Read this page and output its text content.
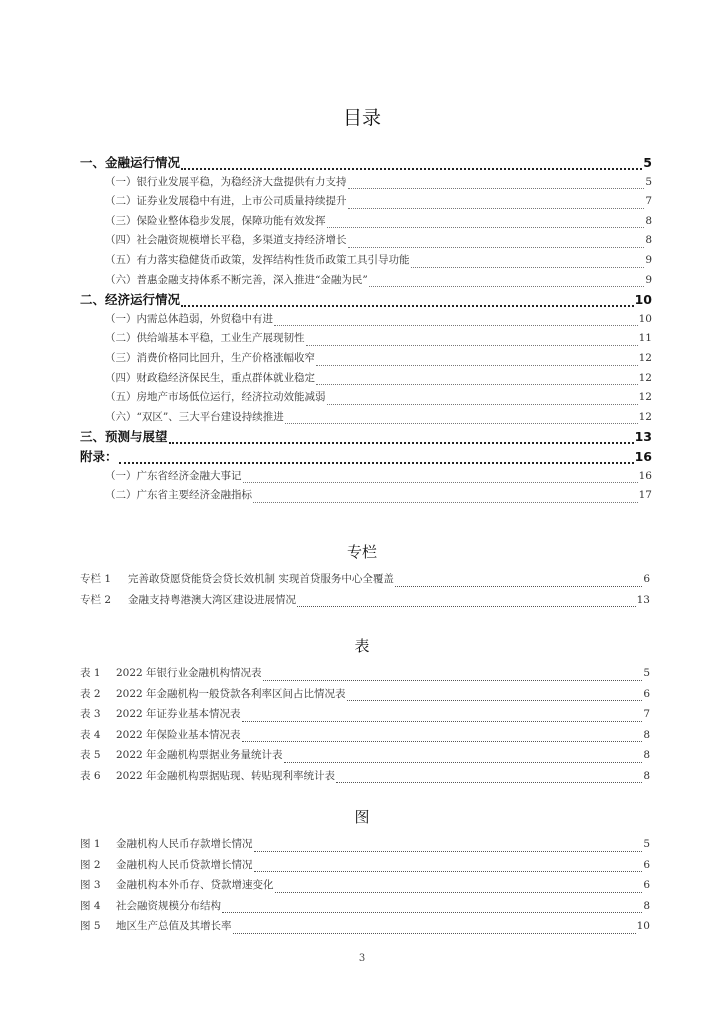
目录
一、金融运行情况	5
（一）银行业发展平稳，为稳经济大盘提供有力支持	5
（二）证券业发展稳中有进，上市公司质量持续提升	7
（三）保险业整体稳步发展，保障功能有效发挥	8
（四）社会融资规模增长平稳，多渠道支持经济增长	8
（五）有力落实稳健货币政策，发挥结构性货币政策工具引导功能	9
（六）普惠金融支持体系不断完善，深入推进“金融为民”	9
二、经济运行情况	10
（一）内需总体趋弱，外贸稳中有进	10
（二）供给端基本平稳，工业生产展现韧性	11
（三）消费价格同比回升，生产价格涨幅收窄	12
（四）财政稳经济保民生，重点群体就业稳定	12
（五）房地产市场低位运行，经济拉动效能减弱	12
（六）“双区”、三大平台建设持续推进	12
三、预测与展望	13
附录：	16
（一）广东省经济金融大事记	16
（二）广东省主要经济金融指标	17
专栏
专栏 1 完善敢贷愿贷能贷会贷长效机制 实现首贷服务中心全覆盖	6
专栏 2 金融支持粤港澳大湾区建设进展情况	13
表
表 1 2022 年银行业金融机构情况表	5
表 2 2022 年金融机构一般贷款各利率区间占比情况表	6
表 3 2022 年证券业基本情况表	7
表 4 2022 年保险业基本情况表	8
表 5 2022 年金融机构票据业务量统计表	8
表 6 2022 年金融机构票据贴现、转贴现利率统计表	8
图
图 1 金融机构人民币存款增长情况	5
图 2 金融机构人民币贷款增长情况	6
图 3 金融机构本外币存、贷款增速变化	6
图 4 社会融资规模分布结构	8
图 5 地区生产总值及其增长率	10
3
